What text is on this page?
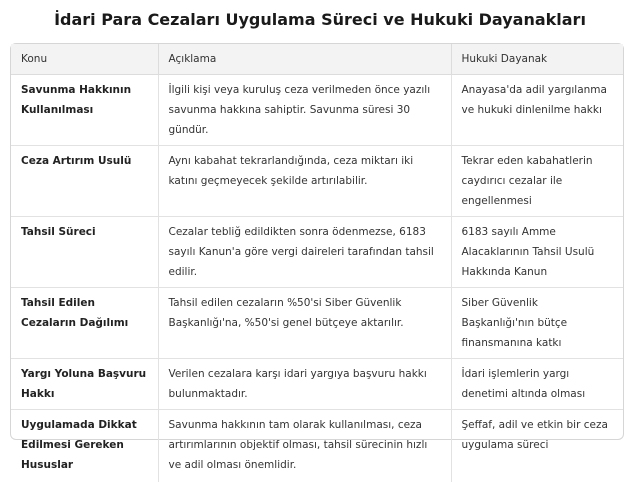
İdari Para Cezaları Uygulama Süreci ve Hukuki Dayanakları
Konu	Açıklama	Hukuki Dayanak
Savunma Hakkının Kullanılması	İlgili kişi veya kuruluş ceza verilmeden önce yazılı savunma hakkına sahiptir. Savunma süresi 30 gündür.	Anayasa'da adil yargılanma ve hukuki dinlenilme hakkı
Ceza Artırım Usulü	Aynı kabahat tekrarlandığında, ceza miktarı iki katını geçmeyecek şekilde artırılabilir.	Tekrar eden kabahatlerin caydırıcı cezalar ile engellenmesi
Tahsil Süreci	Cezalar tebliğ edildikten sonra ödenmezse, 6183 sayılı Kanun'a göre vergi daireleri tarafından tahsil edilir.	6183 sayılı Amme Alacaklarının Tahsil Usulü Hakkında Kanun
Tahsil Edilen Cezaların Dağılımı	Tahsil edilen cezaların %50'si Siber Güvenlik Başkanlığı'na, %50'si genel bütçeye aktarılır.	Siber Güvenlik Başkanlığı'nın bütçe finansmanına katkı
Yargı Yoluna Başvuru Hakkı	Verilen cezalara karşı idari yargıya başvuru hakkı bulunmaktadır.	İdari işlemlerin yargı denetimi altında olması
Uygulamada Dikkat Edilmesi Gereken Hususlar	Savunma hakkının tam olarak kullanılması, ceza artırımlarının objektif olması, tahsil sürecinin hızlı ve adil olması önemlidir.	Şeffaf, adil ve etkin bir ceza uygulama süreci
